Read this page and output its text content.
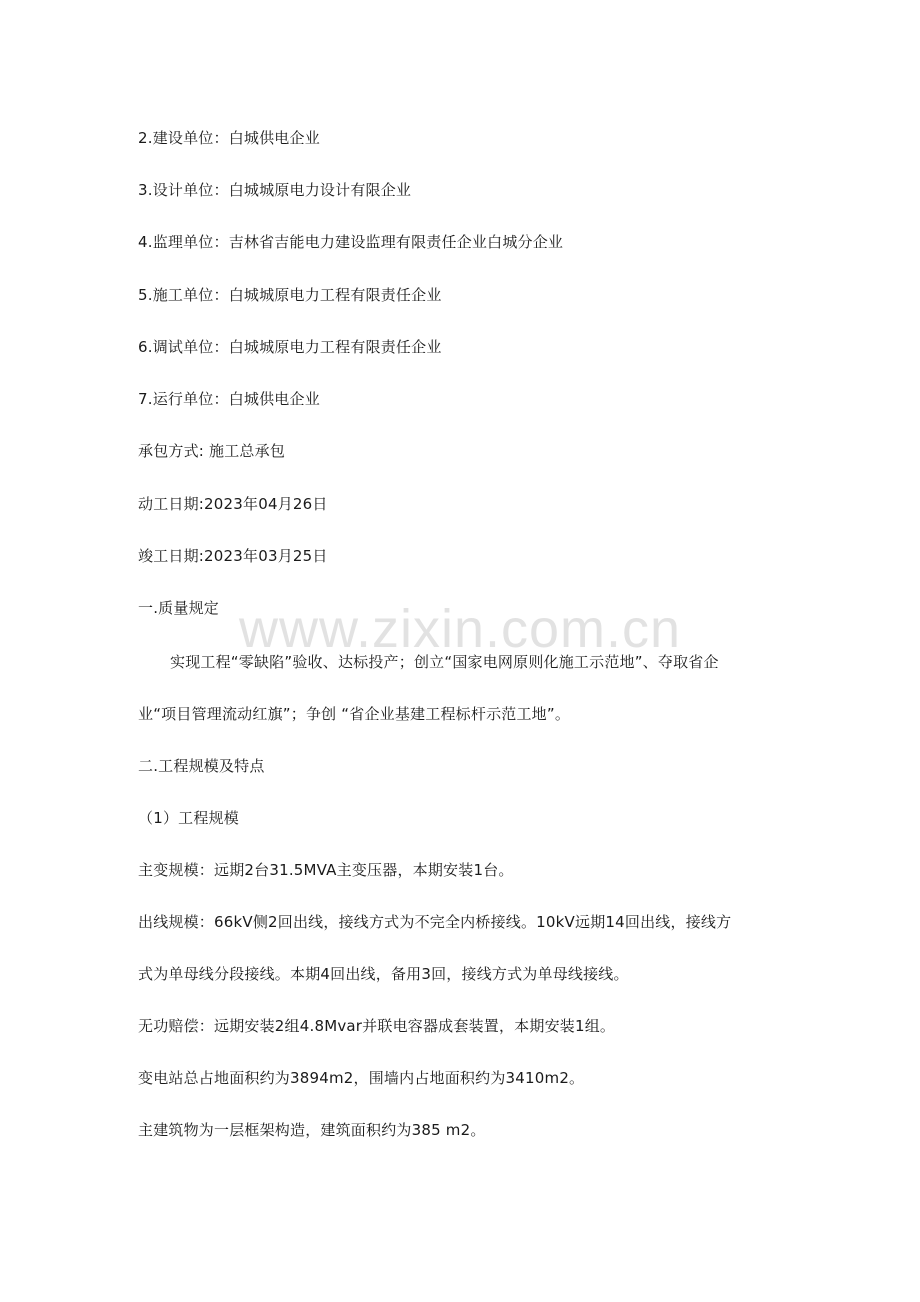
2.建设单位：白城供电企业
3.设计单位：白城城原电力设计有限企业
4.监理单位：吉林省吉能电力建设监理有限责任企业白城分企业
5.施工单位：白城城原电力工程有限责任企业
6.调试单位：白城城原电力工程有限责任企业
7.运行单位：白城供电企业
承包方式: 施工总承包
动工日期:2023年04月26日
竣工日期:2023年03月25日
一.质量规定
实现工程“零缺陷”验收、达标投产；创立“国家电网原则化施工示范地”、夺取省企
业“项目管理流动红旗”；争创 “省企业基建工程标杆示范工地”。
二.工程规模及特点
（1）工程规模
主变规模：远期2台31.5MVA主变压器，本期安装1台。
出线规模：66kV侧2回出线，接线方式为不完全内桥接线。10kV远期14回出线，接线方
式为单母线分段接线。本期4回出线，备用3回，接线方式为单母线接线。
无功赔偿：远期安装2组4.8Mvar并联电容器成套装置，本期安装1组。
变电站总占地面积约为3894m2，围墙内占地面积约为3410m2。
主建筑物为一层框架构造，建筑面积约为385 m2。
www.zixin.com.cn
